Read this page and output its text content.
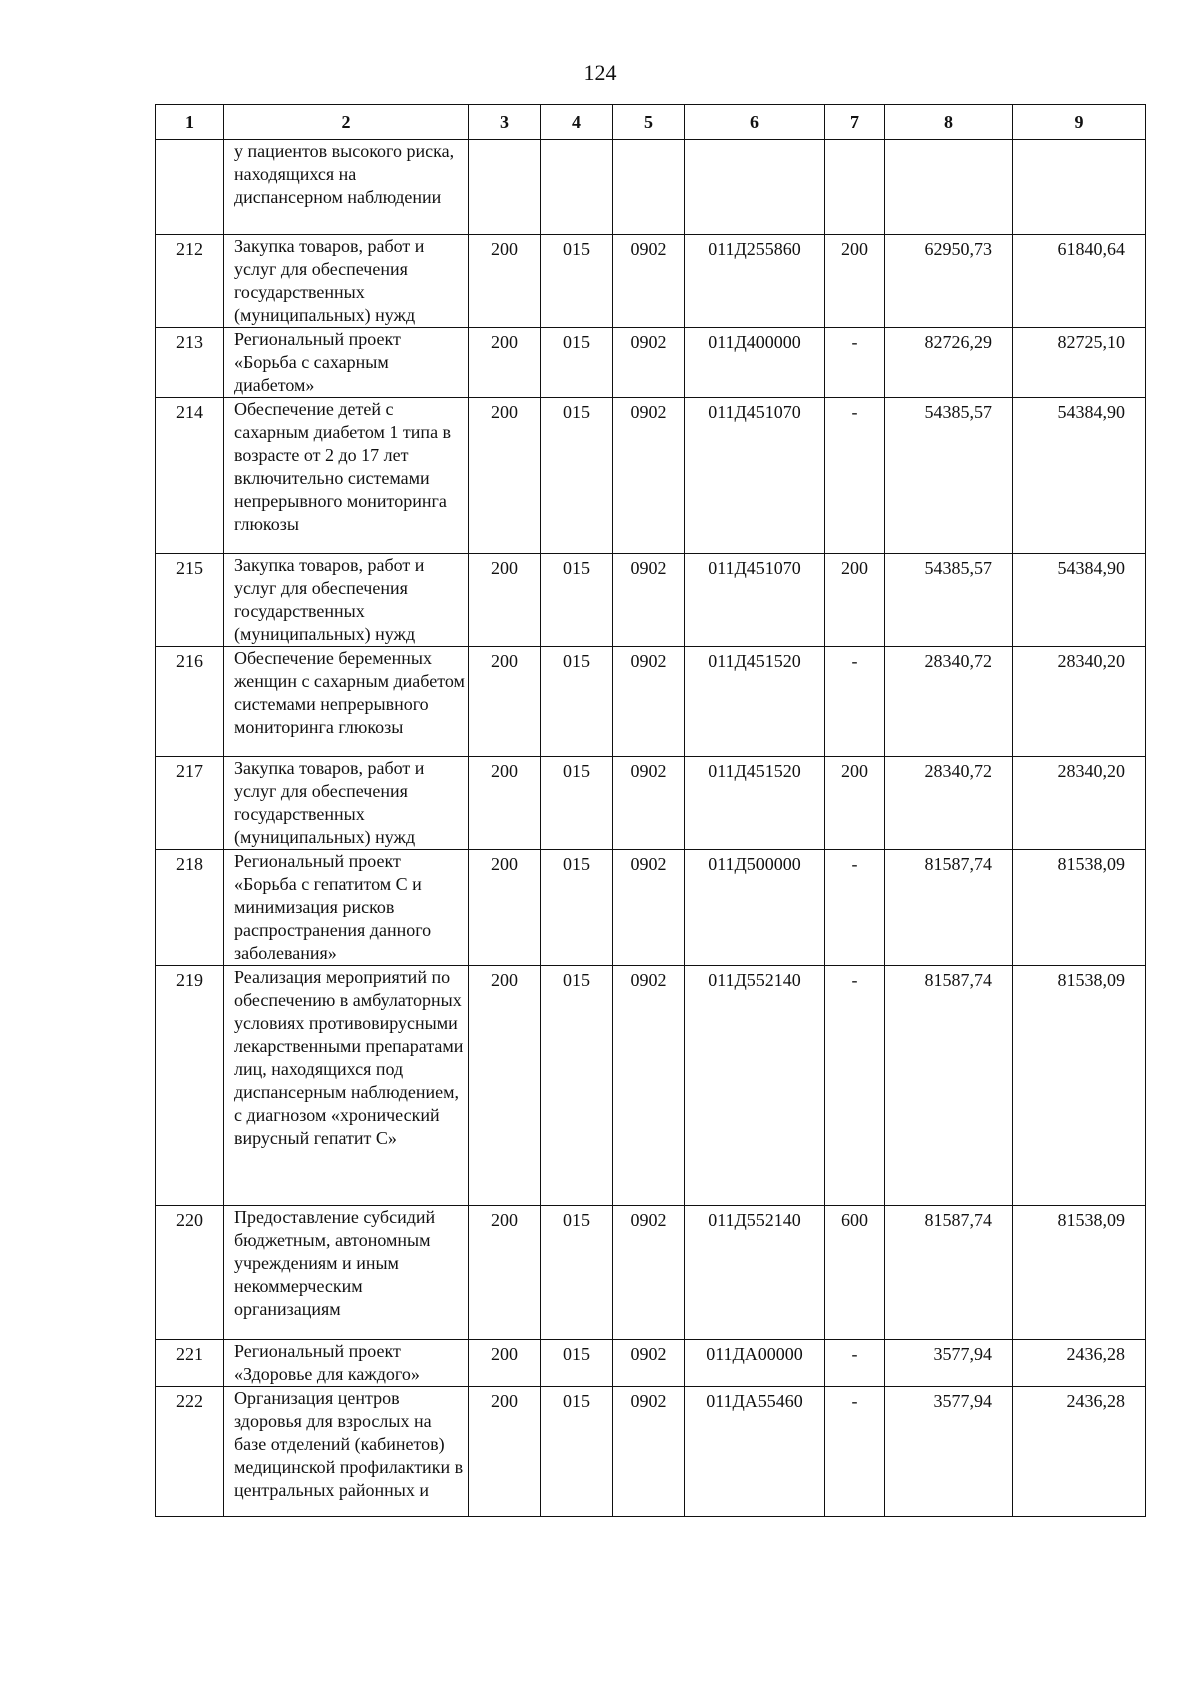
124
1	2	3	4	5	6	7	8	9
	у пациентов высокого риска, находящихся на диспансерном наблюдении							
212	Закупка товаров, работ и услуг для обеспечения государственных (муниципальных) нужд	200	015	0902	011Д255860	200	62950,73	61840,64
213	Региональный проект «Борьба с сахарным диабетом»	200	015	0902	011Д400000	-	82726,29	82725,10
214	Обеспечение детей с сахарным диабетом 1 типа в возрасте от 2 до 17 лет включительно системами непрерывного мониторинга глюкозы	200	015	0902	011Д451070	-	54385,57	54384,90
215	Закупка товаров, работ и услуг для обеспечения государственных (муниципальных) нужд	200	015	0902	011Д451070	200	54385,57	54384,90
216	Обеспечение беременных женщин с сахарным диабетом системами непрерывного мониторинга глюкозы	200	015	0902	011Д451520	-	28340,72	28340,20
217	Закупка товаров, работ и услуг для обеспечения государственных (муниципальных) нужд	200	015	0902	011Д451520	200	28340,72	28340,20
218	Региональный проект «Борьба с гепатитом С и минимизация рисков распространения данного заболевания»	200	015	0902	011Д500000	-	81587,74	81538,09
219	Реализация мероприятий по обеспечению в амбулаторных условиях противовирусными лекарственными препаратами лиц, находящихся под диспансерным наблюдением, с диагнозом «хронический вирусный гепатит С»	200	015	0902	011Д552140	-	81587,74	81538,09
220	Предоставление субсидий бюджетным, автономным учреждениям и иным некоммерческим организациям	200	015	0902	011Д552140	600	81587,74	81538,09
221	Региональный проект «Здоровье для каждого»	200	015	0902	011ДА00000	-	3577,94	2436,28
222	Организация центров здоровья для взрослых на базе отделений (кабинетов) медицинской профилактики в центральных районных и	200	015	0902	011ДА55460	-	3577,94	2436,28
